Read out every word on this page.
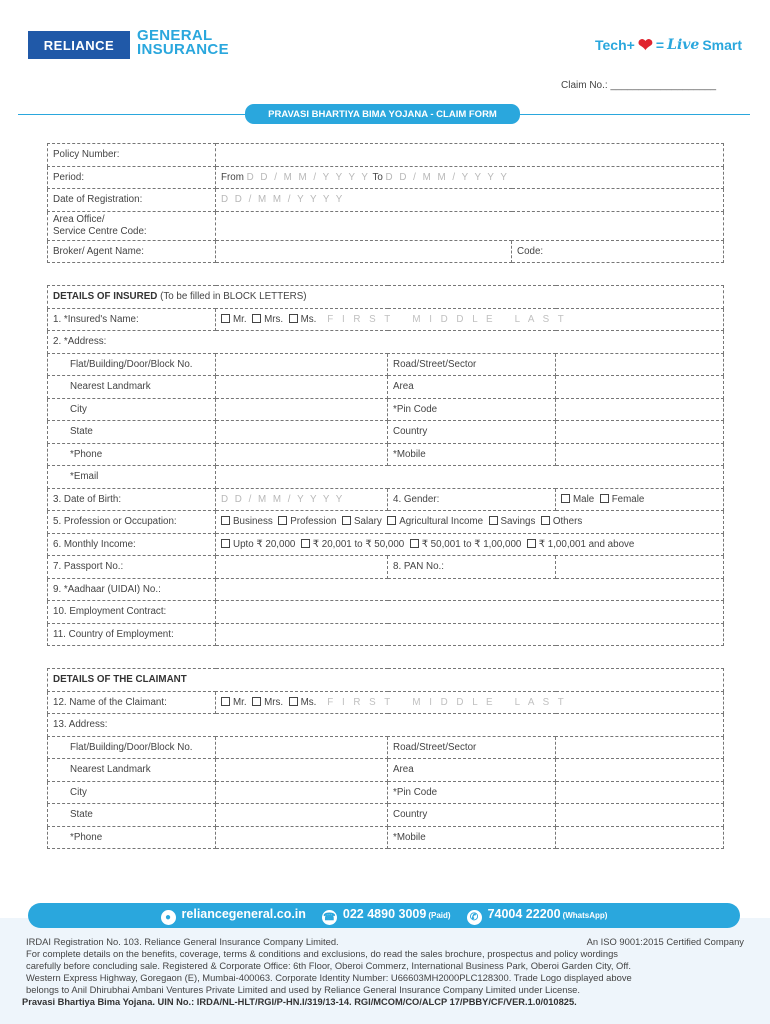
RELIANCE
GENERAL
INSURANCE	Tech+ ❤ = Live Smart
Claim No.: ___________________
PRAVASI BHARTIYA BIMA YOJANA - CLAIM FORM
Policy Number:		
Period:	From D D / M M / Y Y Y Y To D D / M M / Y Y Y Y	
Date of Registration:	D D / M M / Y Y Y Y	
Area Office/
Service Centre Code:		
Broker/ Agent Name:		Code:
DETAILS OF INSURED (To be filled in BLOCK LETTERS)			
1. *Insured's Name:	Mr. Mrs. Ms. F I R S T M I D D L E L A S T		
2. *Address:			
Flat/Building/Door/Block No.		Road/Street/Sector	
Nearest Landmark		Area	
City		*Pin Code	
State		Country	
*Phone		*Mobile	
*Email			
3. Date of Birth:	D D / M M / Y Y Y Y	4. Gender:	Male Female
5. Profession or Occupation:	Business Profession Salary Agricultural Income Savings Others		
6. Monthly Income:	Upto ₹ 20,000 ₹ 20,001 to ₹ 50,000 ₹ 50,001 to ₹ 1,00,000 ₹ 1,00,001 and above		
7. Passport No.:		8. PAN No.:	
9. *Aadhaar (UIDAI) No.:			
10. Employment Contract:			
11. Country of Employment:			
DETAILS OF THE CLAIMANT			
12. Name of the Claimant:	Mr. Mrs. Ms. F I R S T M I D D L E L A S T		
13. Address:			
Flat/Building/Door/Block No.		Road/Street/Sector	
Nearest Landmark		Area	
City		*Pin Code	
State		Country	
*Phone		*Mobile	
● reliancegeneral.co.in ☎ 022 4890 3009 (Paid)	✆ 74004 22200 (WhatsApp)
IRDAI Registration No. 103. Reliance General Insurance Company Limited.	An ISO 9001:2015 Certified Company
For complete details on the benefits, coverage, terms & conditions and exclusions, do read the sales brochure, prospectus and policy wordings
carefully before concluding sale. Registered & Corporate Office: 6th Floor, Oberoi Commerz, International Business Park, Oberoi Garden City, Off.
Western Express Highway, Goregaon (E), Mumbai-400063. Corporate Identity Number: U66603MH2000PLC128300. Trade Logo displayed above
belongs to Anil Dhirubhai Ambani Ventures Private Limited and used by Reliance General Insurance Company Limited under License.
Pravasi Bhartiya Bima Yojana. UIN No.: IRDA/NL-HLT/RGI/P-HN.I/319/13-14. RGI/MCOM/CO/ALCP 17/PBBY/CF/VER.1.0/010825.
